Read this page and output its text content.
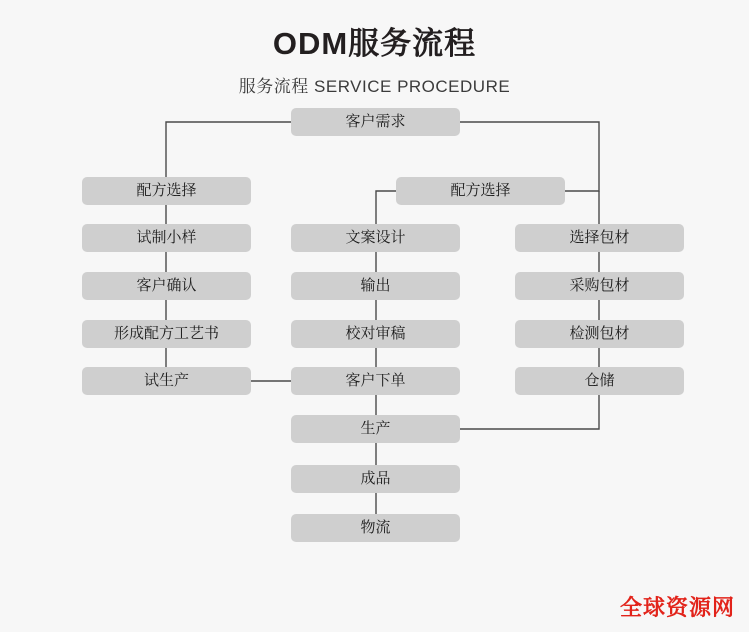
ODM服务流程
服务流程 SERVICE PROCEDURE
客户需求
配方选择
试制小样
客户确认
形成配方工艺书
试生产
配方选择
文案设计
输出
校对审稿
客户下单
生产
成品
物流
选择包材
采购包材
检测包材
仓储
全球资源网
